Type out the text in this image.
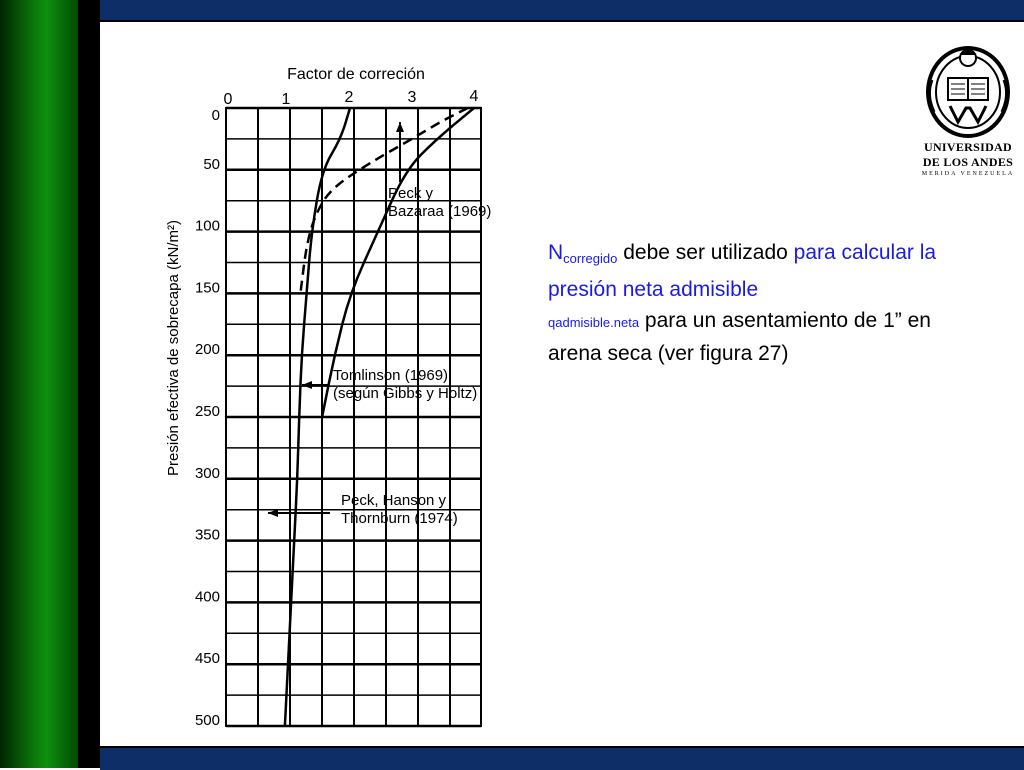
0	1	2	3	4
0
50
100
150
200
250
300
350
400
450
500
Factor de correción
Presión efectiva de sobrecapa (kN/m²)
Peck y
Bazaraa (1969)
Tomlinson (1969)
(según Gibbs y Holtz)
Peck, Hanson y
Thornburn (1974)
$N_{corregido}$ debe ser utilizado para calcular la presión neta admisible
qadmisible.neta para un asentamiento de 1” en arena seca (ver figura 27)
UNIVERSIDAD
DE LOS ANDES
MERIDA VENEZUELA
